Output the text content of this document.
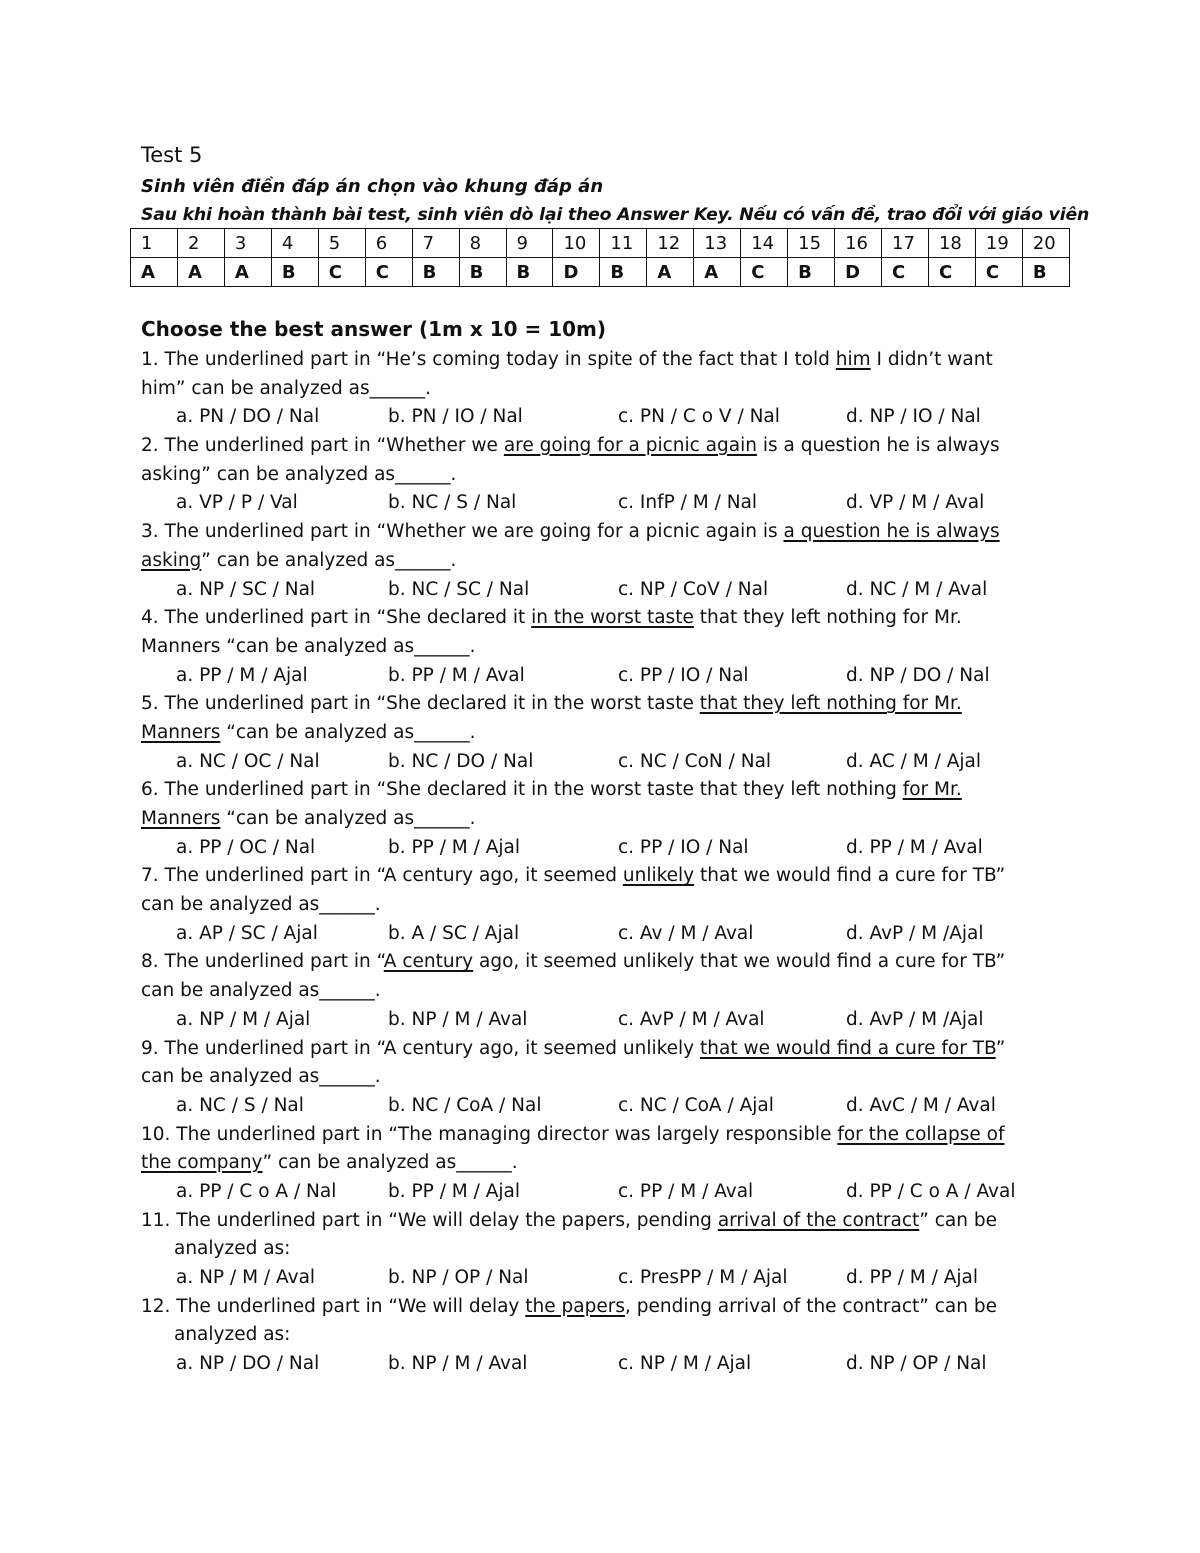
Test 5
Sinh viên điền đáp án chọn vào khung đáp án
Sau khi hoàn thành bài test, sinh viên dò lại theo Answer Key. Nếu có vấn đề, trao đổi với giáo viên
1	2	3	4	5	6	7	8	9	10	11	12	13	14	15	16	17	18	19	20
A	A	A	B	C	C	B	B	B	D	B	A	A	C	B	D	C	C	C	B
Choose the best answer (1m x 10 = 10m)
1. The underlined part in “He’s coming today in spite of the fact that I told him I didn’t want
him” can be analyzed as______.
a. PN / DO / Nal	b. PN / IO / Nal	c. PN / C o V / Nal	d. NP / IO / Nal
2. The underlined part in “Whether we are going for a picnic again is a question he is always
asking” can be analyzed as______.
a. VP / P / Val	b. NC / S / Nal	c. InfP / M / Nal	d. VP / M / Aval
3. The underlined part in “Whether we are going for a picnic again is a question he is always
asking” can be analyzed as______.
a. NP / SC / Nal	b. NC / SC / Nal	c. NP / CoV / Nal	d. NC / M / Aval
4. The underlined part in “She declared it in the worst taste that they left nothing for Mr.
Manners “can be analyzed as______.
a. PP / M / Ajal	b. PP / M / Aval	c. PP / IO / Nal	d. NP / DO / Nal
5. The underlined part in “She declared it in the worst taste that they left nothing for Mr.
Manners “can be analyzed as______.
a. NC / OC / Nal	b. NC / DO / Nal	c. NC / CoN / Nal	d. AC / M / Ajal
6. The underlined part in “She declared it in the worst taste that they left nothing for Mr.
Manners “can be analyzed as______.
a. PP / OC / Nal	b. PP / M / Ajal	c. PP / IO / Nal	d. PP / M / Aval
7. The underlined part in “A century ago, it seemed unlikely that we would find a cure for TB”
can be analyzed as______.
a. AP / SC / Ajal	b. A / SC / Ajal	c. Av / M / Aval	d. AvP / M /Ajal
8. The underlined part in “A century ago, it seemed unlikely that we would find a cure for TB”
can be analyzed as______.
a. NP / M / Ajal	b. NP / M / Aval	c. AvP / M / Aval	d. AvP / M /Ajal
9. The underlined part in “A century ago, it seemed unlikely that we would find a cure for TB”
can be analyzed as______.
a. NC / S / Nal	b. NC / CoA / Nal	c. NC / CoA / Ajal	d. AvC / M / Aval
10. The underlined part in “The managing director was largely responsible for the collapse of
the company” can be analyzed as______.
a. PP / C o A / Nal	b. PP / M / Ajal	c. PP / M / Aval	d. PP / C o A / Aval
11. The underlined part in “We will delay the papers, pending arrival of the contract” can be
analyzed as:
a. NP / M / Aval	b. NP / OP / Nal	c. PresPP / M / Ajal	d. PP / M / Ajal
12. The underlined part in “We will delay the papers, pending arrival of the contract” can be
analyzed as:
a. NP / DO / Nal	b. NP / M / Aval	c. NP / M / Ajal	d. NP / OP / Nal
